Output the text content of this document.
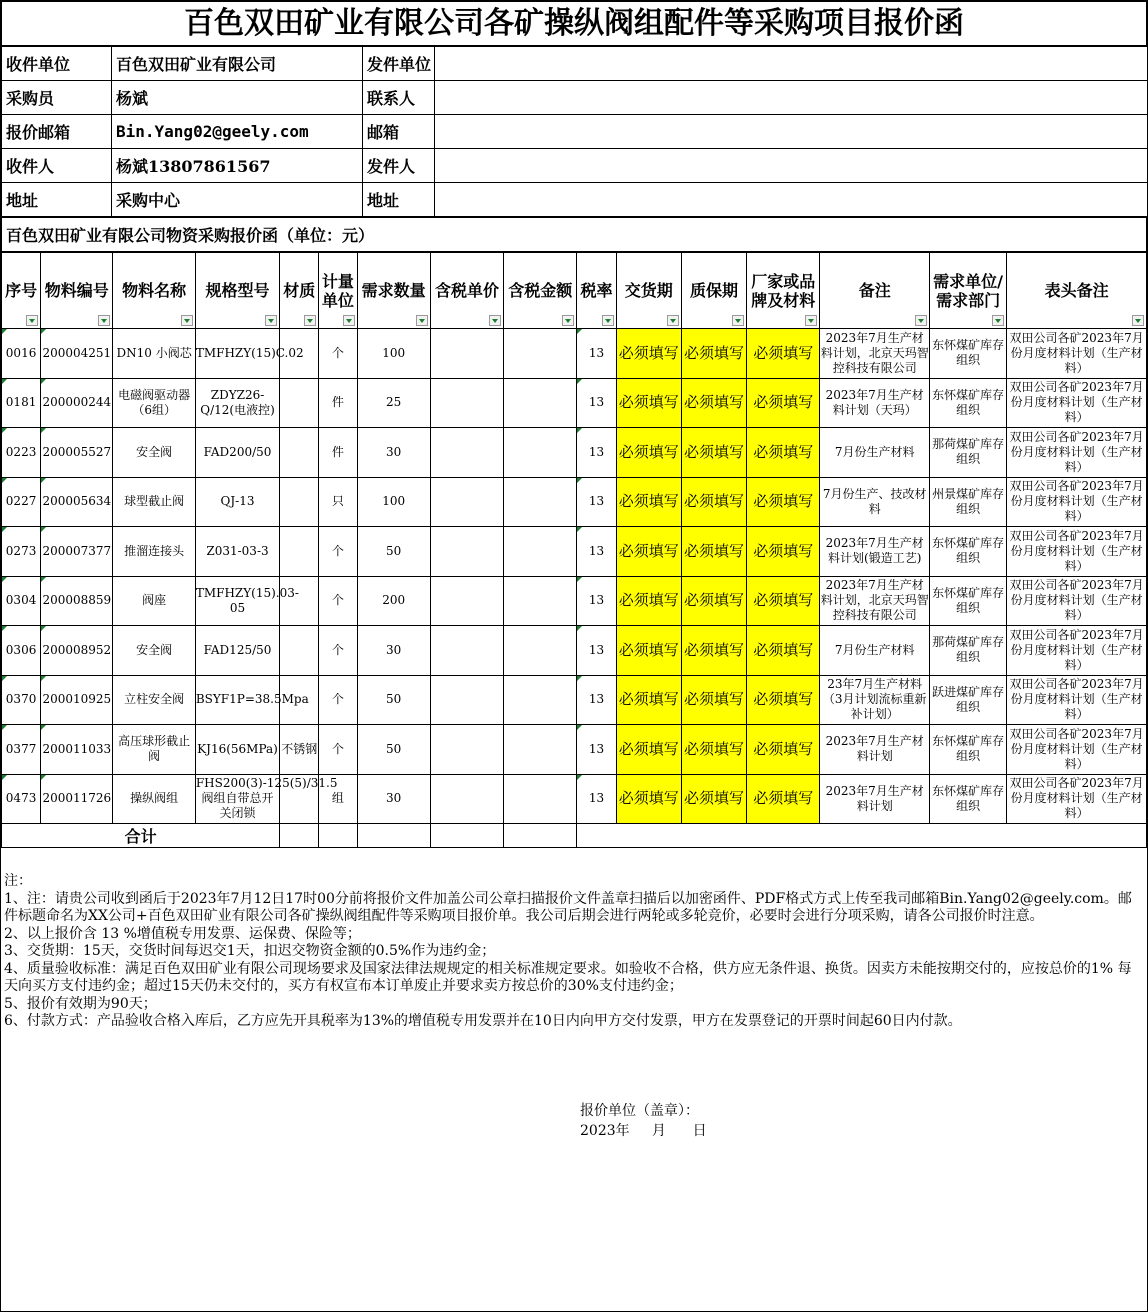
百色双田矿业有限公司各矿操纵阀组配件等采购项目报价函
收件单位	百色双田矿业有限公司	发件单位	
采购员	杨斌	联系人	
报价邮箱	Bin.Yang02@geely.com	邮箱	
收件人	杨斌13807861567	发件人	
地址	采购中心	地址	
百色双田矿业有限公司物资采购报价函（单位：元）
序号	物料编号	物料名称	规格型号	材质	计量单位	需求数量	含税单价	含税金额	税率	交货期	质保期	厂家或品牌及材料	备注	需求单位/需求部门	表头备注

0016	200004251	DN10 小阀芯	TMFHZY(15)C.02		个	100			13	必须填写	必须填写	必须填写	2023年7月生产材料计划，北京天玛智控科技有限公司	东怀煤矿库存组织	双田公司各矿2023年7月份月度材料计划（生产材料）
0181	200000244	电磁阀驱动器（6组）	ZDYZ26-Q/12(电液控)		件	25			13	必须填写	必须填写	必须填写	2023年7月生产材料计划（天玛）	东怀煤矿库存组织	双田公司各矿2023年7月份月度材料计划（生产材料）
0223	200005527	安全阀	FAD200/50		件	30			13	必须填写	必须填写	必须填写	7月份生产材料	那荷煤矿库存组织	双田公司各矿2023年7月份月度材料计划（生产材料）
0227	200005634	球型截止阀	QJ-13		只	100			13	必须填写	必须填写	必须填写	7月份生产、技改材料	州景煤矿库存组织	双田公司各矿2023年7月份月度材料计划（生产材料）
0273	200007377	推溜连接头	Z031-03-3		个	50			13	必须填写	必须填写	必须填写	2023年7月生产材料计划(锻造工艺)	东怀煤矿库存组织	双田公司各矿2023年7月份月度材料计划（生产材料）
0304	200008859	阀座	TMFHZY(15).03-05		个	200			13	必须填写	必须填写	必须填写	2023年7月生产材料计划，北京天玛智控科技有限公司	东怀煤矿库存组织	双田公司各矿2023年7月份月度材料计划（生产材料）
0306	200008952	安全阀	FAD125/50		个	30			13	必须填写	必须填写	必须填写	7月份生产材料	那荷煤矿库存组织	双田公司各矿2023年7月份月度材料计划（生产材料）
0370	200010925	立柱安全阀	BSYF1P=38.5Mpa		个	50			13	必须填写	必须填写	必须填写	23年7月生产材料（3月计划流标重新补计划）	跃进煤矿库存组织	双田公司各矿2023年7月份月度材料计划（生产材料）
0377	200011033	高压球形截止阀	KJ16(56MPa)	不锈钢	个	50			13	必须填写	必须填写	必须填写	2023年7月生产材料计划	东怀煤矿库存组织	双田公司各矿2023年7月份月度材料计划（生产材料）
0473	200011726	操纵阀组	FHS200(3)-125(5)/31.5阀组自带总开关闭锁		组	30			13	必须填写	必须填写	必须填写	2023年7月生产材料计划	东怀煤矿库存组织	双田公司各矿2023年7月份月度材料计划（生产材料）
合计															

注：

1、注：请贵公司收到函后于2023年7月12日17时00分前将报价文件加盖公司公章扫描报价文件盖章扫描后以加密函件、PDF格式方式上传至我司邮箱Bin.Yang02@geely.com。邮件标题命名为XX公司+百色双田矿业有限公司各矿操纵阀组配件等采购项目报价单。我公司后期会进行两轮或多轮竞价，必要时会进行分项采购，请各公司报价时注意。

2、以上报价含 13 %增值税专用发票、运保费、保险等；

3、交货期：15天，交货时间每迟交1天，扣迟交物资金额的0.5%作为违约金；

4、质量验收标准：满足百色双田矿业有限公司现场要求及国家法律法规规定的相关标准规定要求。如验收不合格，供方应无条件退、换货。因卖方未能按期交付的，应按总价的1% 每天向买方支付违约金；超过15天仍未交付的，买方有权宣布本订单废止并要求卖方按总价的30%支付违约金；

5、报价有效期为90天；

6、付款方式：产品验收合格入库后，乙方应先开具税率为13%的增值税专用发票并在10日内向甲方交付发票，甲方在发票登记的开票时间起60日内付款。

报价单位（盖章）：
2023年     月      日
